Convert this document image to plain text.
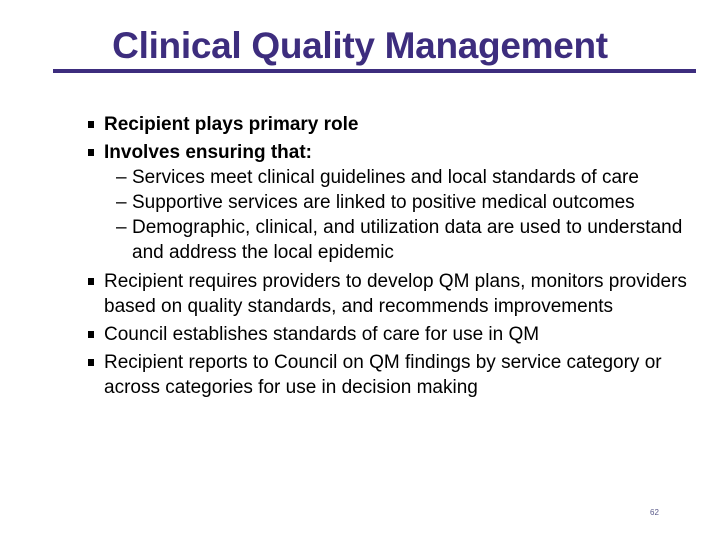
Clinical Quality Management
Recipient plays primary role
Involves ensuring that:
– Services meet clinical guidelines and local standards of care
– Supportive services are linked to positive medical outcomes
– Demographic, clinical, and utilization data are used to understand and address the local epidemic
Recipient requires providers to develop QM plans, monitors providers based on quality standards, and recommends improvements
Council establishes standards of care for use in QM
Recipient reports to Council on QM findings by service category or across categories for use in decision making
62
